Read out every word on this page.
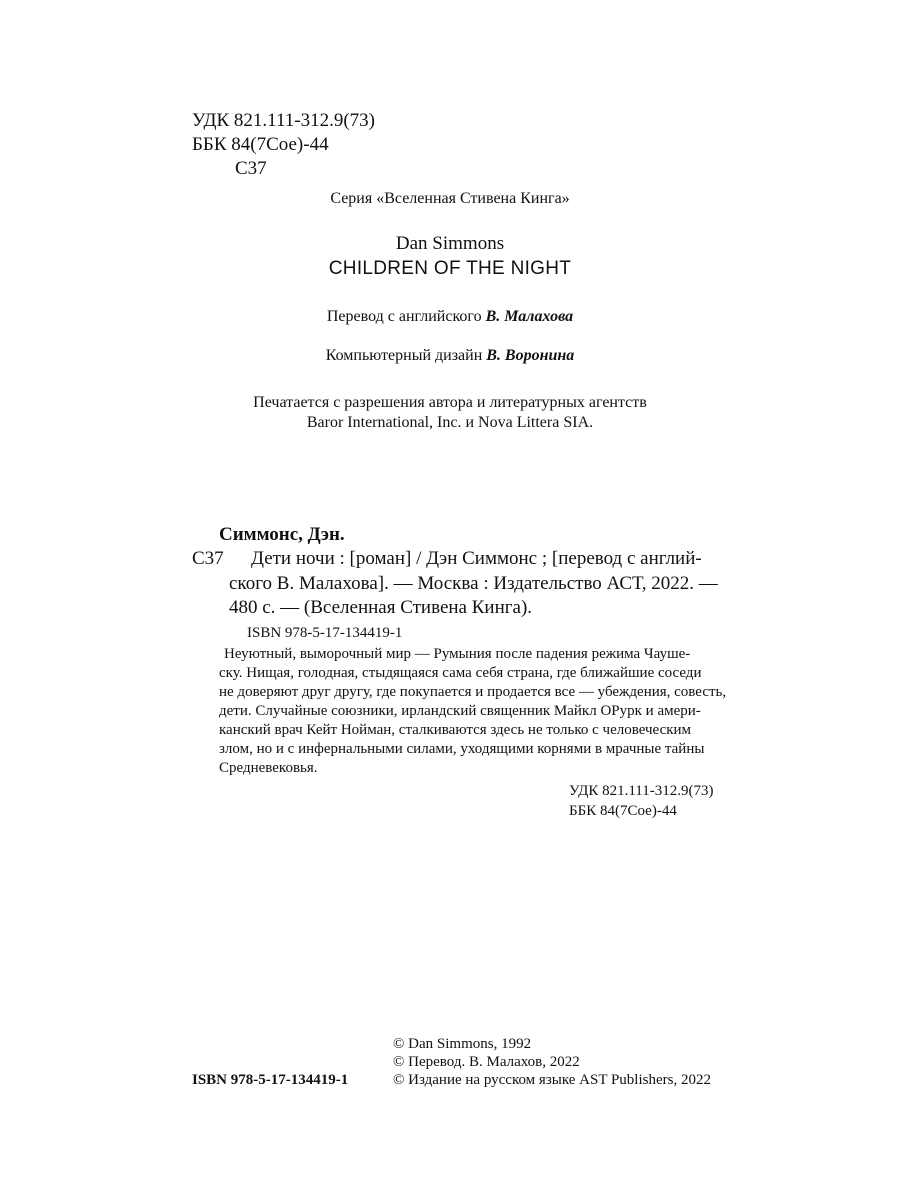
УДК 821.111-312.9(73)
ББК 84(7Сое)-44
С37
Серия «Вселенная Стивена Кинга»
Dan Simmons
CHILDREN OF THE NIGHT
Перевод с английского В. Малахова
Компьютерный дизайн В. Воронина
Печатается с разрешения автора и литературных агентств
Baror International, Inc. и Nova Littera SIA.
Симмонс, Дэн.
С37 Дети ночи : [роман] / Дэн Симмонс ; [перевод с англий-
ского В. Малахова]. — Москва : Издательство АСТ, 2022. —
480 с. — (Вселенная Стивена Кинга).
ISBN 978-5-17-134419-1
Неуютный, выморочный мир — Румыния после падения режима Чаушe-
ску. Нищая, голодная, стыдящаяся сама себя страна, где ближайшие соседи
не доверяют друг другу, где покупается и продается все — убеждения, совесть,
дети. Случайные союзники, ирландский священник Майкл ОРурк и амери-
канский врач Кейт Нойман, сталкиваются здесь не только с человеческим
злом, но и с инфернальными силами, уходящими корнями в мрачные тайны
Средневековья.
УДК 821.111-312.9(73)
ББК 84(7Сое)-44
© Dan Simmons, 1992
© Перевод. В. Малахов, 2022
© Издание на русском языке AST Publishers, 2022
ISBN 978-5-17-134419-1
